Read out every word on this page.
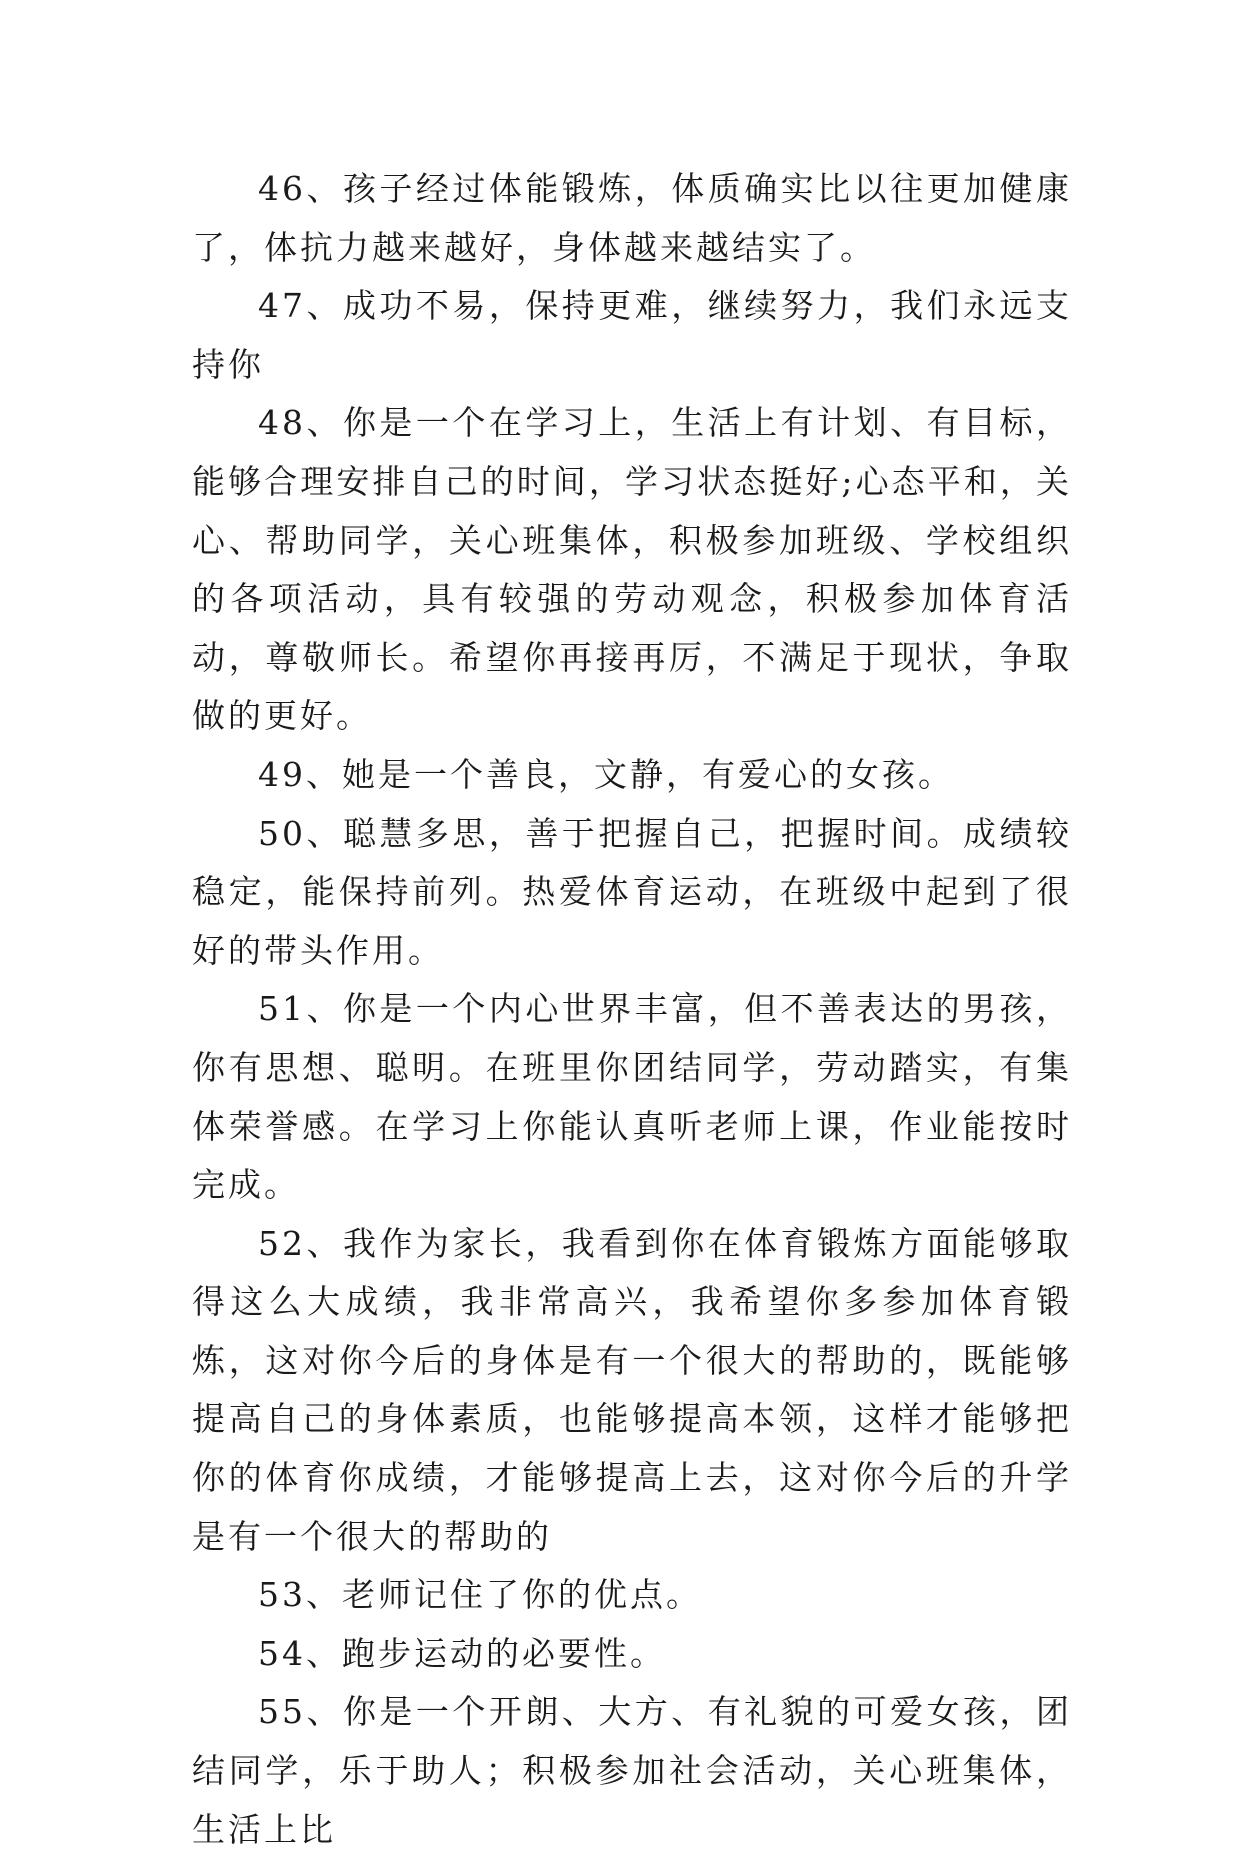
46、孩子经过体能锻炼，体质确实比以往更加健康了，体抗力越来越好，身体越来越结实了。

47、成功不易，保持更难，继续努力，我们永远支持你

48、你是一个在学习上，生活上有计划、有目标，能够合理安排自己的时间，学习状态挺好;心态平和，关心、帮助同学，关心班集体，积极参加班级、学校组织的各项活动，具有较强的劳动观念，积极参加体育活动，尊敬师长。希望你再接再厉，不满足于现状，争取做的更好。

49、她是一个善良，文静，有爱心的女孩。

50、聪慧多思，善于把握自己，把握时间。成绩较稳定，能保持前列。热爱体育运动，在班级中起到了很好的带头作用。

51、你是一个内心世界丰富，但不善表达的男孩，你有思想、聪明。在班里你团结同学，劳动踏实，有集体荣誉感。在学习上你能认真听老师上课，作业能按时完成。

52、我作为家长，我看到你在体育锻炼方面能够取得这么大成绩，我非常高兴，我希望你多参加体育锻炼，这对你今后的身体是有一个很大的帮助的，既能够提高自己的身体素质，也能够提高本领，这样才能够把你的体育你成绩，才能够提高上去，这对你今后的升学是有一个很大的帮助的

53、老师记住了你的优点。

54、跑步运动的必要性。

55、你是一个开朗、大方、有礼貌的可爱女孩，团结同学，乐于助人；积极参加社会活动，关心班集体，生活上比
